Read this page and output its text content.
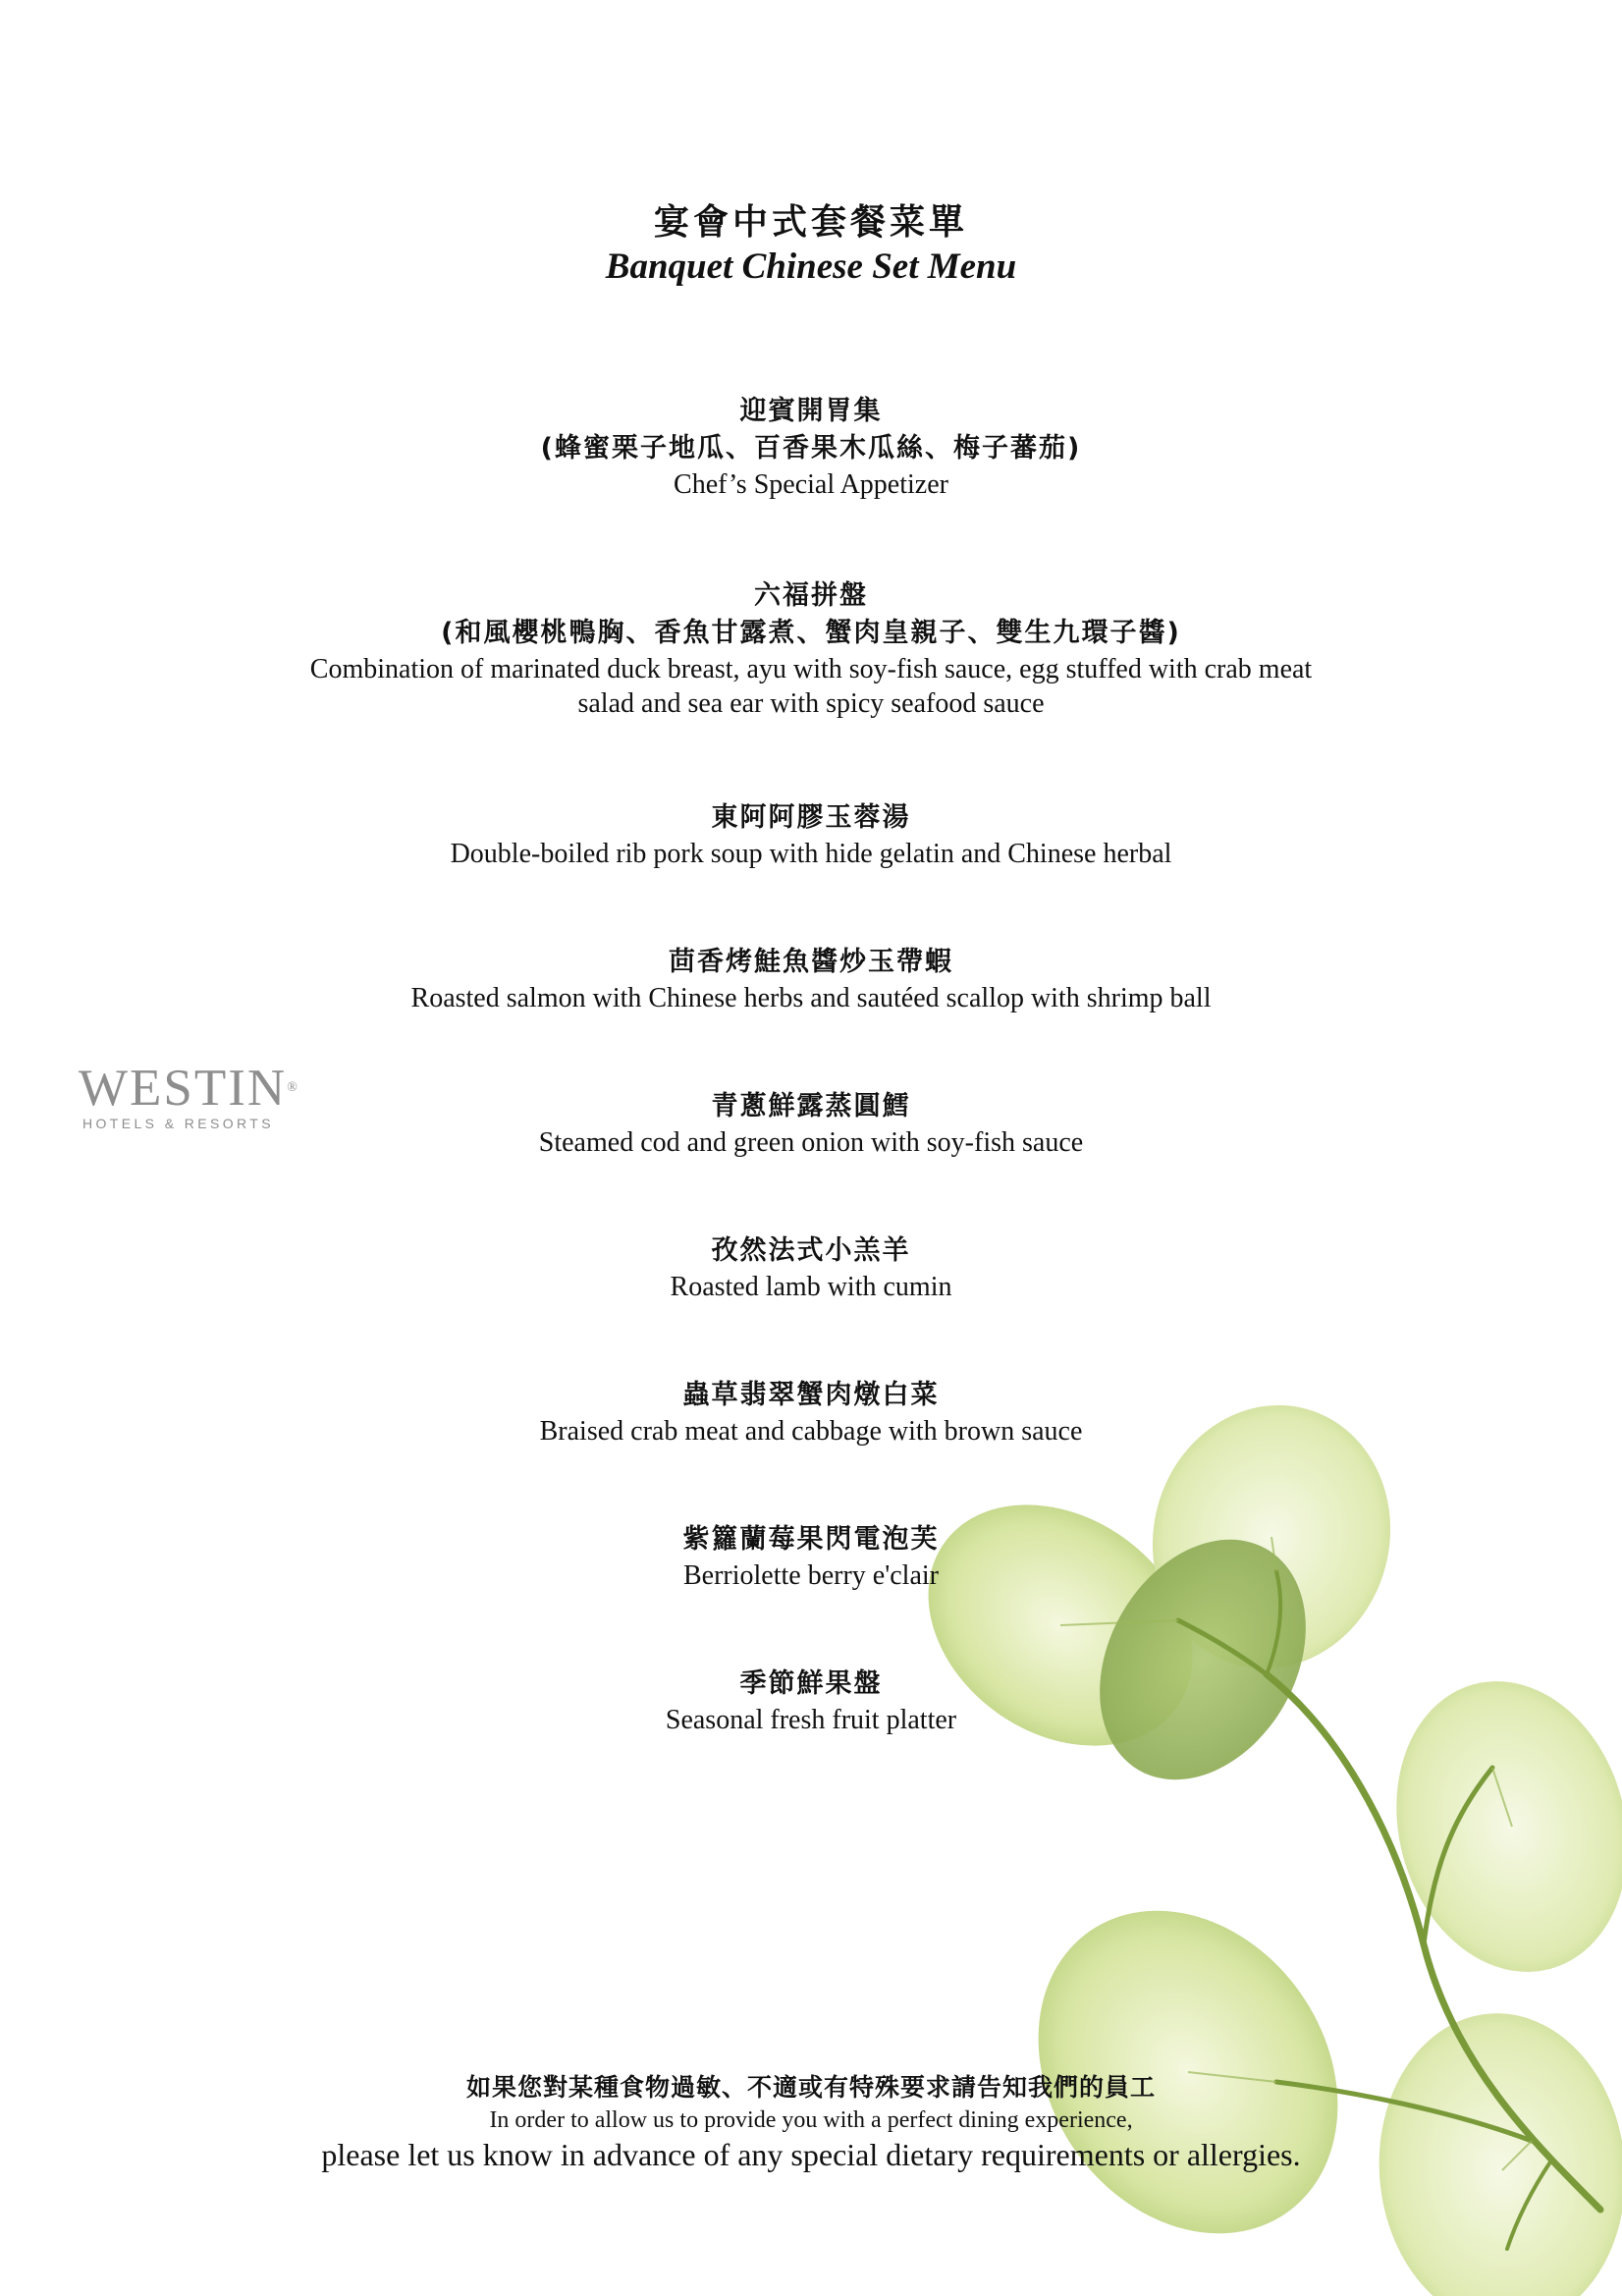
宴會中式套餐菜單
Banquet Chinese Set Menu
迎賓開胃集
(蜂蜜栗子地瓜、百香果木瓜絲、梅子蕃茄)
Chef’s Special Appetizer
六福拼盤
(和風櫻桃鴨胸、香魚甘露煮、蟹肉皇親子、雙生九環子醬)
Combination of marinated duck breast, ayu with soy-fish sauce, egg stuffed with crab meat
salad and sea ear with spicy seafood sauce
東阿阿膠玉蓉湯
Double-boiled rib pork soup with hide gelatin and Chinese herbal
茴香烤鮭魚醬炒玉帶蝦
Roasted salmon with Chinese herbs and sautéed scallop with shrimp ball
青蔥鮮露蒸圓鱈
Steamed cod and green onion with soy-fish sauce
孜然法式小羔羊
Roasted lamb with cumin
蟲草翡翠蟹肉燉白菜
Braised crab meat and cabbage with brown sauce
紫籮蘭莓果閃電泡芙
Berriolette berry e'clair
季節鮮果盤
Seasonal fresh fruit platter
WESTIN®
HOTELS & RESORTS
如果您對某種食物過敏、不適或有特殊要求請告知我們的員工
In order to allow us to provide you with a perfect dining experience,
please let us know in advance of any special dietary requirements or allergies.
